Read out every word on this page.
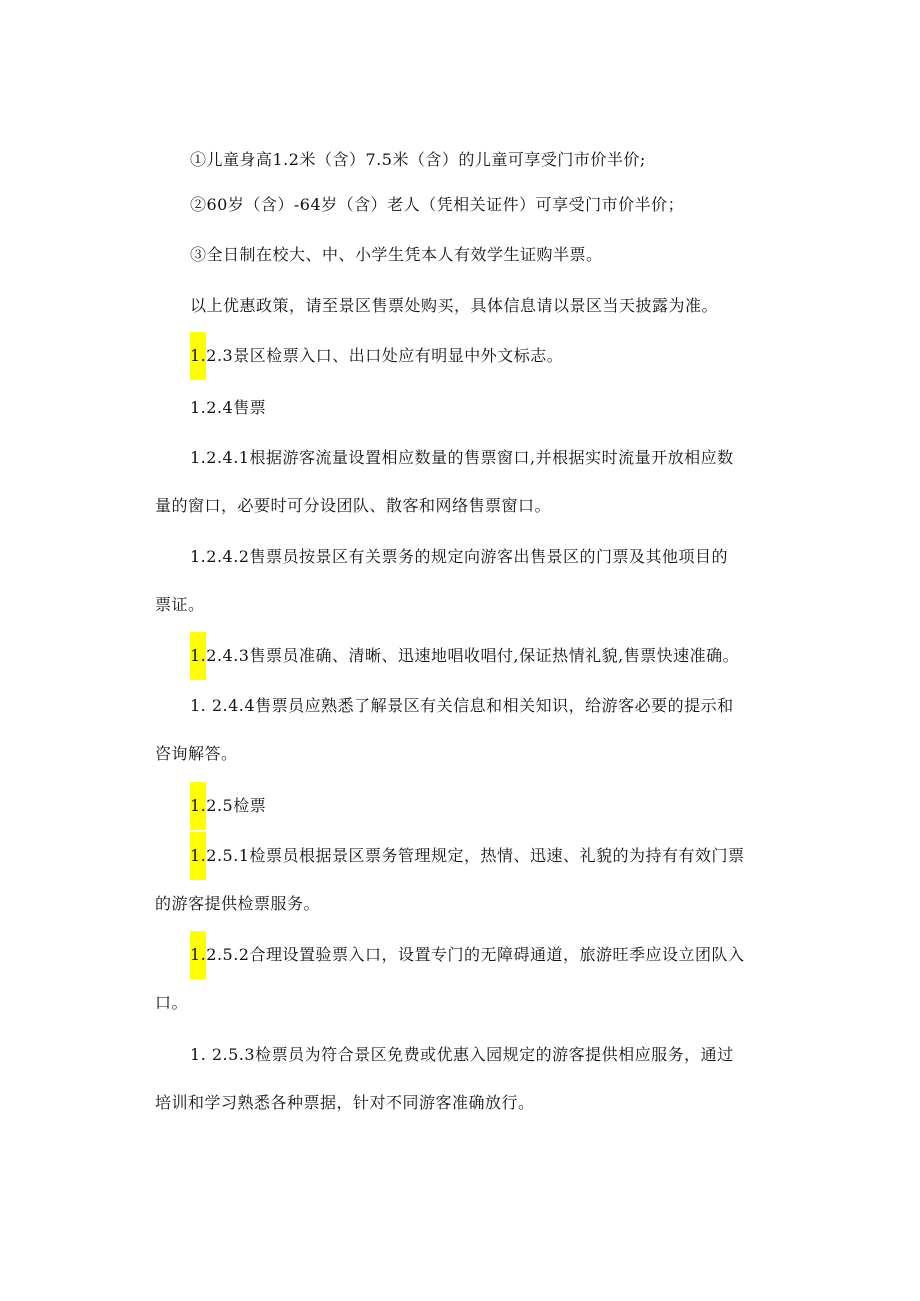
①儿童身高1.2米（含）7.5米（含）的儿童可享受门市价半价;
②60岁（含）-64岁（含）老人（凭相关证件）可享受门市价半价；
③全日制在校大、中、小学生凭本人有效学生证购半票。
以上优惠政策，请至景区售票处购买，具体信息请以景区当天披露为准。
1.2.3景区检票入口、出口处应有明显中外文标志。
1.2.4售票
1.2.4.1根据游客流量设置相应数量的售票窗口,并根据实时流量开放相应数
量的窗口，必要时可分设团队、散客和网络售票窗口。
1.2.4.2售票员按景区有关票务的规定向游客出售景区的门票及其他项目的
票证。
1.2.4.3售票员准确、清晰、迅速地唱收唱付,保证热情礼貌,售票快速准确。
1. 2.4.4售票员应熟悉了解景区有关信息和相关知识，给游客必要的提示和
咨询解答。
1.2.5检票
1.2.5.1检票员根据景区票务管理规定，热情、迅速、礼貌的为持有有效门票
的游客提供检票服务。
1.2.5.2合理设置验票入口，设置专门的无障碍通道，旅游旺季应设立团队入
口。
1. 2.5.3检票员为符合景区免费或优惠入园规定的游客提供相应服务，通过
培训和学习熟悉各种票据，针对不同游客准确放行。
